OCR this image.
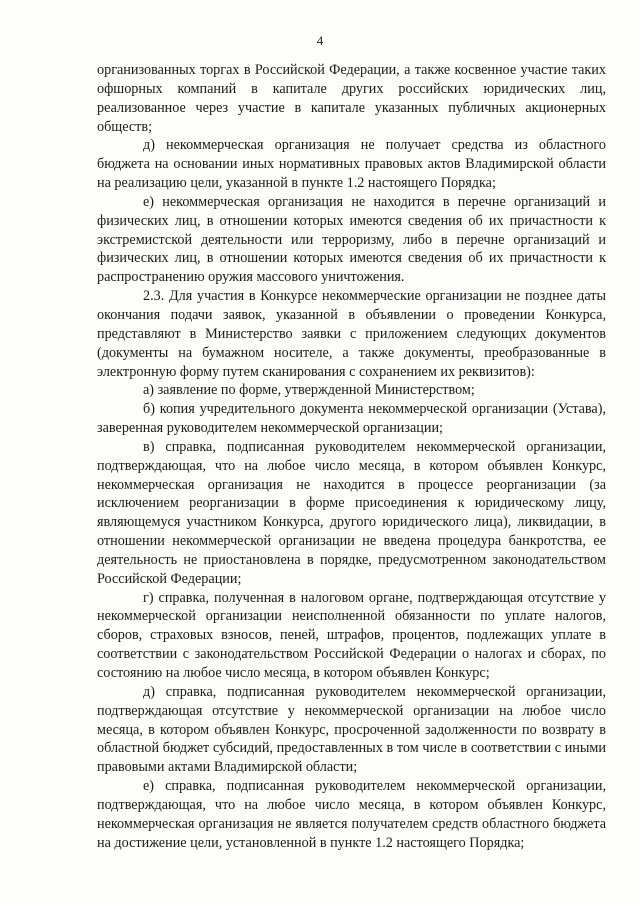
4

организованных торгах в Российской Федерации, а также косвенное участие таких офшорных компаний в капитале других российских юридических лиц, реализованное через участие в капитале указанных публичных акционерных обществ;

д) некоммерческая организация не получает средства из областного бюджета на основании иных нормативных правовых актов Владимирской области на реализацию цели, указанной в пункте 1.2 настоящего Порядка;

е) некоммерческая организация не находится в перечне организаций и физических лиц, в отношении которых имеются сведения об их причастности к экстремистской деятельности или терроризму, либо в перечне организаций и физических лиц, в отношении которых имеются сведения об их причастности к распространению оружия массового уничтожения.

2.3. Для участия в Конкурсе некоммерческие организации не позднее даты окончания подачи заявок, указанной в объявлении о проведении Конкурса, представляют в Министерство заявки с приложением следующих документов (документы на бумажном носителе, а также документы, преобразованные в электронную форму путем сканирования с сохранением их реквизитов):

а) заявление по форме, утвержденной Министерством;

б) копия учредительного документа некоммерческой организации (Устава), заверенная руководителем некоммерческой организации;

в) справка, подписанная руководителем некоммерческой организации, подтверждающая, что на любое число месяца, в котором объявлен Конкурс, некоммерческая организация не находится в процессе реорганизации (за исключением реорганизации в форме присоединения к юридическому лицу, являющемуся участником Конкурса, другого юридического лица), ликвидации, в отношении некоммерческой организации не введена процедура банкротства, ее деятельность не приостановлена в порядке, предусмотренном законодательством Российской Федерации;

г) справка, полученная в налоговом органе, подтверждающая отсутствие у некоммерческой организации неисполненной обязанности по уплате налогов, сборов, страховых взносов, пеней, штрафов, процентов, подлежащих уплате в соответствии с законодательством Российской Федерации о налогах и сборах, по состоянию на любое число месяца, в котором объявлен Конкурс;

д) справка, подписанная руководителем некоммерческой организации, подтверждающая отсутствие у некоммерческой организации на любое число месяца, в котором объявлен Конкурс, просроченной задолженности по возврату в областной бюджет субсидий, предоставленных в том числе в соответствии с иными правовыми актами Владимирской области;

е) справка, подписанная руководителем некоммерческой организации, подтверждающая, что на любое число месяца, в котором объявлен Конкурс, некоммерческая организация не является получателем средств областного бюджета на достижение цели, установленной в пункте 1.2 настоящего Порядка;
